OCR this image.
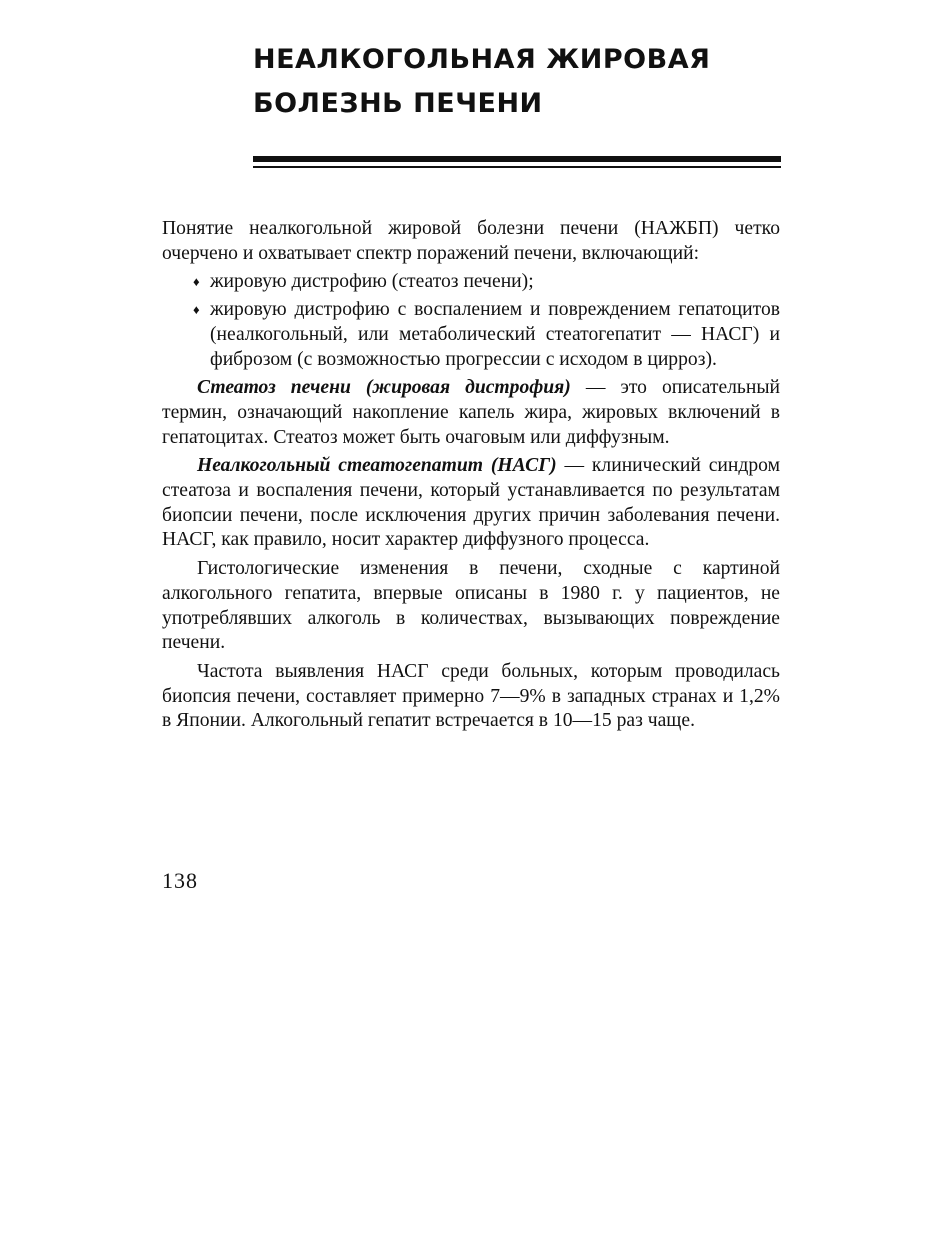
НЕАЛКОГОЛЬНАЯ ЖИРОВАЯ
БОЛЕЗНЬ ПЕЧЕНИ

Понятие неалкогольной жировой болезни печени (НАЖБП) четко очерчено и охватывает спектр поражений печени, включающий:

♦ жировую дистрофию (стеатоз печени);
♦ жировую дистрофию с воспалением и повреждением гепатоцитов (неалкогольный, или метаболический стеатогепатит — НАСГ) и фиброзом (с возможностью прогрессии с исходом в цирроз).

Стеатоз печени (жировая дистрофия) — это описательный термин, означающий накопление капель жира, жировых включений в гепатоцитах. Стеатоз может быть очаговым или диффузным.

Неалкогольный стеатогепатит (НАСГ) — клинический синдром стеатоза и воспаления печени, который устанавливается по результатам биопсии печени, после исключения других причин заболевания печени. НАСГ, как правило, носит характер диффузного процесса.

Гистологические изменения в печени, сходные с картиной алкогольного гепатита, впервые описаны в 1980 г. у пациентов, не употреблявших алкоголь в количествах, вызывающих повреждение печени.

Частота выявления НАСГ среди больных, которым проводилась биопсия печени, составляет примерно 7—9% в западных странах и 1,2% в Японии. Алкогольный гепатит встречается в 10—15 раз чаще.

138
